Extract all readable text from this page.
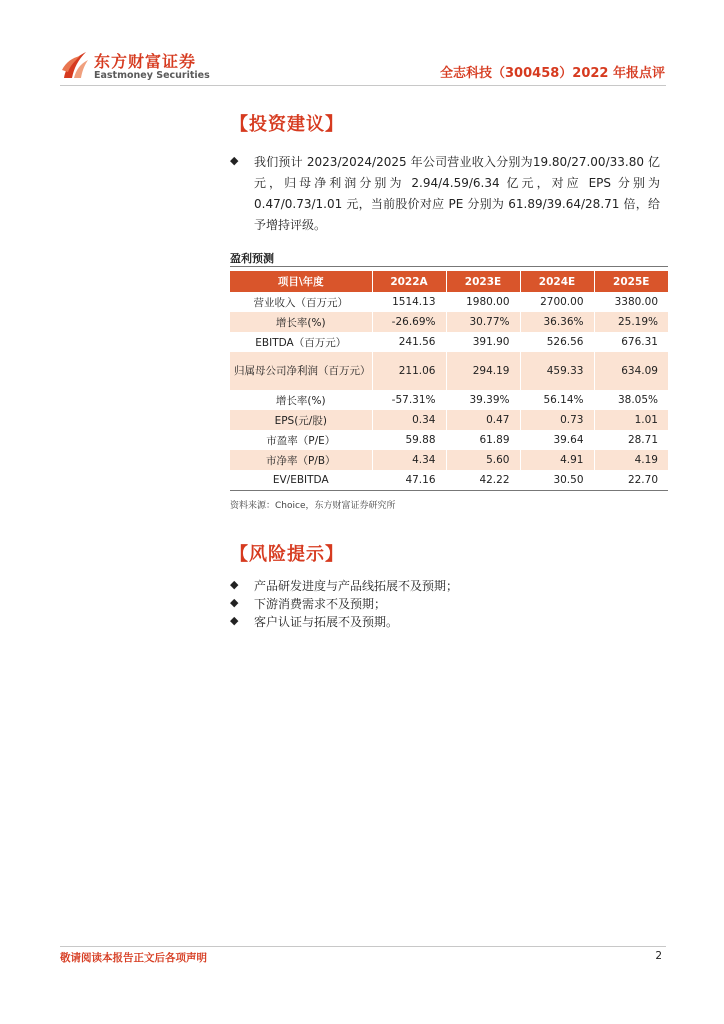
东方财富证券
Eastmoney Securities	全志科技（300458）2022 年报点评
【投资建议】
◆ 我们预计 2023/2024/2025 年公司营业收入分别为19.80/27.00/33.80 亿元，归母净利润分别为 2.94/4.59/6.34 亿元，对应 EPS 分别为 0.47/0.73/1.01 元，当前股价对应 PE 分别为 61.89/39.64/28.71 倍，给予增持评级。
盈利预测
项目\年度	2022A	2023E	2024E	2025E
营业收入（百万元）	1514.13	1980.00	2700.00	3380.00
增长率(%)	-26.69%	30.77%	36.36%	25.19%
EBITDA（百万元）	241.56	391.90	526.56	676.31
归属母公司净利润（百万元）	211.06	294.19	459.33	634.09
增长率(%)	-57.31%	39.39%	56.14%	38.05%
EPS(元/股)	0.34	0.47	0.73	1.01
市盈率（P/E）	59.88	61.89	39.64	28.71
市净率（P/B）	4.34	5.60	4.91	4.19
EV/EBITDA	47.16	42.22	30.50	22.70
资料来源：Choice，东方财富证券研究所
【风险提示】
◆ 产品研发进度与产品线拓展不及预期；
◆ 下游消费需求不及预期；
◆ 客户认证与拓展不及预期。
敬请阅读本报告正文后各项声明	2
